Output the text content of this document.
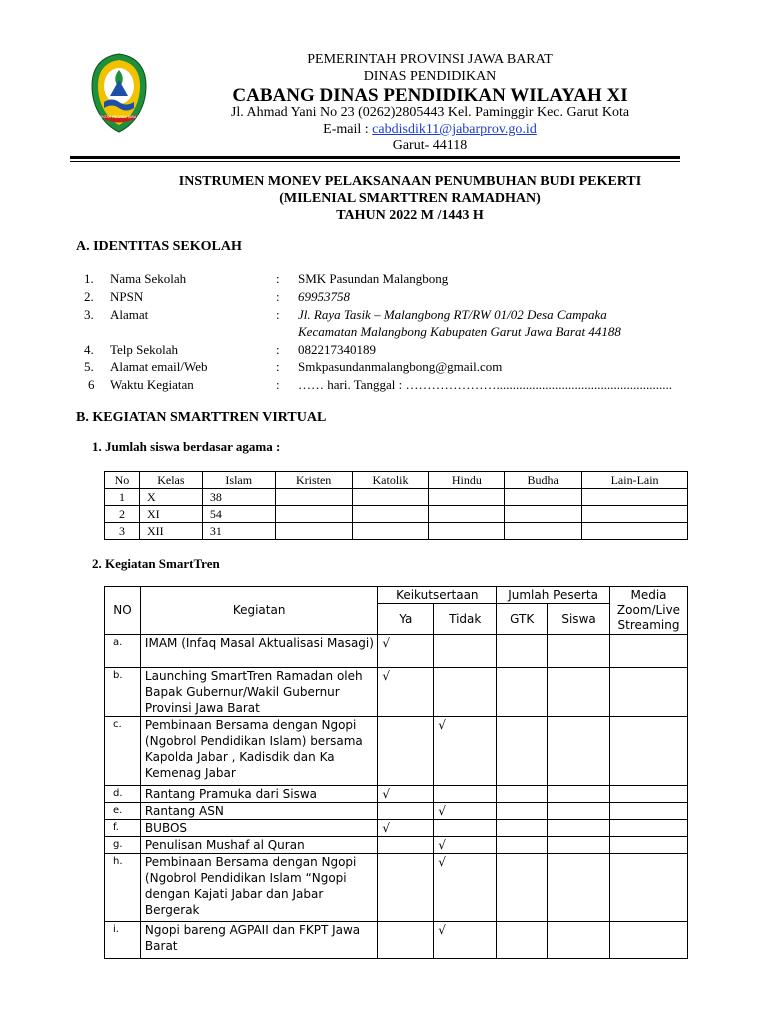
PEMERINTAH PROVINSI JAWA BARAT
PEMERINTAH PROVINSI JAWA BARAT
DINAS PENDIDIKAN
CABANG DINAS PENDIDIKAN WILAYAH XI
Jl. Ahmad Yani No 23 (0262)2805443 Kel. Paminggir Kec. Garut Kota
E-mail : cabdisdik11@jabarprov.go.id
Garut- 44118
INSTRUMEN MONEV PELAKSANAAN PENUMBUHAN BUDI PEKERTI
(MILENIAL SMARTTREN RAMADHAN)
TAHUN 2022 M /1443 H
A. IDENTITAS SEKOLAH
1. Nama Sekolah	: SMK Pasundan Malangbong
2. NPSN	: 69953758
3. Alamat	: Jl. Raya Tasik – Malangbong RT/RW 01/02 Desa Campaka
Kecamatan Malangbong Kabupaten Garut Jawa Barat 44188
4. Telp Sekolah	: 082217340189
5. Alamat email/Web	: Smkpasundanmalangbong@gmail.com
6 Waktu Kegiatan	: …… hari. Tanggal : …………………......................................................
B. KEGIATAN SMARTTREN VIRTUAL
1. Jumlah siswa berdasar agama :
No	Kelas	Islam	Kristen	Katolik	Hindu	Budha	Lain-Lain
1	X	38					
2	XI	54					
3	XII	31					
2. Kegiatan SmartTren
NO	Kegiatan	Keikutsertaan		Jumlah Peserta		Media Zoom/Live Streaming
		Ya	Tidak	GTK	Siswa	
a.	IMAM (Infaq Masal Aktualisasi Masagi)	√				
b.	Launching SmartTren Ramadan oleh Bapak Gubernur/Wakil Gubernur Provinsi Jawa Barat	√				
c.	Pembinaan Bersama dengan Ngopi (Ngobrol Pendidikan Islam) bersama Kapolda Jabar , Kadisdik dan Ka Kemenag Jabar		√			
d.	Rantang Pramuka dari Siswa	√				
e.	Rantang ASN		√			
f.	BUBOS	√				
g.	Penulisan Mushaf al Quran		√			
h.	Pembinaan Bersama dengan Ngopi (Ngobrol Pendidikan Islam “Ngopi dengan Kajati Jabar dan Jabar Bergerak		√			
i.	Ngopi bareng AGPAII dan FKPT Jawa Barat		√			
